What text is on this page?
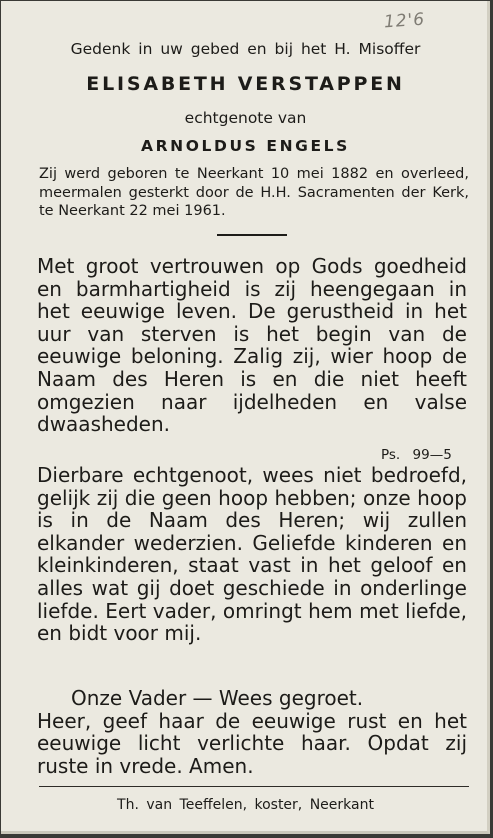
12'6
Gedenk in uw gebed en bij het H. Misoffer
ELISABETH VERSTAPPEN
echtgenote van
ARNOLDUS ENGELS
Zij werd geboren te Neerkant 10 mei 1882 en overleed, meermalen gesterkt door de H.H. Sacramenten der Kerk, te Neerkant 22 mei 1961.
Met groot vertrouwen op Gods goedheid en barmhartigheid is zij heengegaan in het eeuwige leven. De gerustheid in het uur van sterven is het begin van de eeuwige beloning. Zalig zij, wier hoop de Naam des Heren is en die niet heeft omgezien naar ijdelheden en valse dwaasheden.
Ps. 99—5
Dierbare echtgenoot, wees niet bedroefd, gelijk zij die geen hoop hebben; onze hoop is in de Naam des Heren; wij zullen elkander wederzien. Geliefde kinderen en kleinkinderen, staat vast in het geloof en alles wat gij doet geschiede in onderlinge liefde. Eert vader, omringt hem met liefde, en bidt voor mij.
Onze Vader — Wees gegroet.
Heer, geef haar de eeuwige rust en het eeuwige licht verlichte haar. Opdat zij ruste in vrede. Amen.
Th. van Teeffelen, koster, Neerkant
